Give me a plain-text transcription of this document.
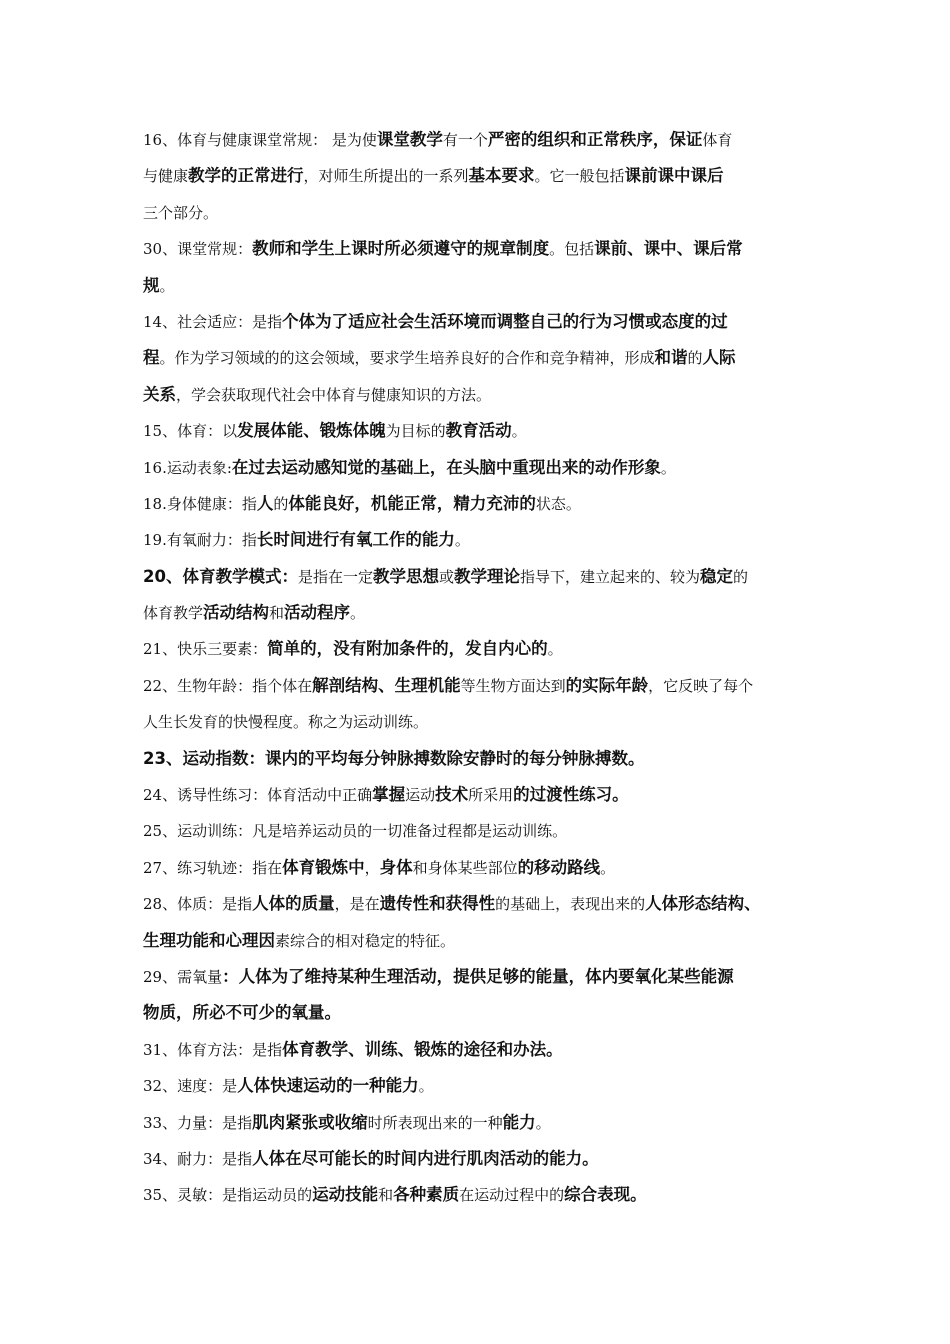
16、体育与健康课堂常规： 是为使课堂教学有一个严密的组织和正常秩序，保证体育
与健康教学的正常进行，对师生所提出的一系列基本要求。它一般包括课前课中课后
三个部分。
30、课堂常规：教师和学生上课时所必须遵守的规章制度。包括课前、课中、课后常
规。
14、社会适应：是指个体为了适应社会生活环境而调整自己的行为习惯或态度的过
程。作为学习领域的的这会领域，要求学生培养良好的合作和竞争精神，形成和谐的人际
关系，学会获取现代社会中体育与健康知识的方法。
15、体育：以发展体能、锻炼体魄为目标的教育活动。
16.运动表象:在过去运动感知觉的基础上，在头脑中重现出来的动作形象。
18.身体健康：指人的体能良好，机能正常，精力充沛的状态。
19.有氧耐力：指长时间进行有氧工作的能力。
20、体育教学模式：是指在一定教学思想或教学理论指导下，建立起来的、较为稳定的
体育教学活动结构和活动程序。
21、快乐三要素：简单的，没有附加条件的，发自内心的。
22、生物年龄：指个体在解剖结构、生理机能等生物方面达到的实际年龄，它反映了每个
人生长发育的快慢程度。称之为运动训练。
23、运动指数：课内的平均每分钟脉搏数除安静时的每分钟脉搏数。
24、诱导性练习：体育活动中正确掌握运动技术所采用的过渡性练习。
25、运动训练：凡是培养运动员的一切准备过程都是运动训练。
27、练习轨迹：指在体育锻炼中，身体和身体某些部位的移动路线。
28、体质：是指人体的质量，是在遗传性和获得性的基础上，表现出来的人体形态结构、
生理功能和心理因素综合的相对稳定的特征。
29、需氧量：人体为了维持某种生理活动，提供足够的能量，体内要氧化某些能源
物质，所必不可少的氧量。
31、体育方法：是指体育教学、训练、锻炼的途径和办法。
32、速度：是人体快速运动的一种能力。
33、力量：是指肌肉紧张或收缩时所表现出来的一种能力。
34、耐力：是指人体在尽可能长的时间内进行肌肉活动的能力。
35、灵敏：是指运动员的运动技能和各种素质在运动过程中的综合表现。
